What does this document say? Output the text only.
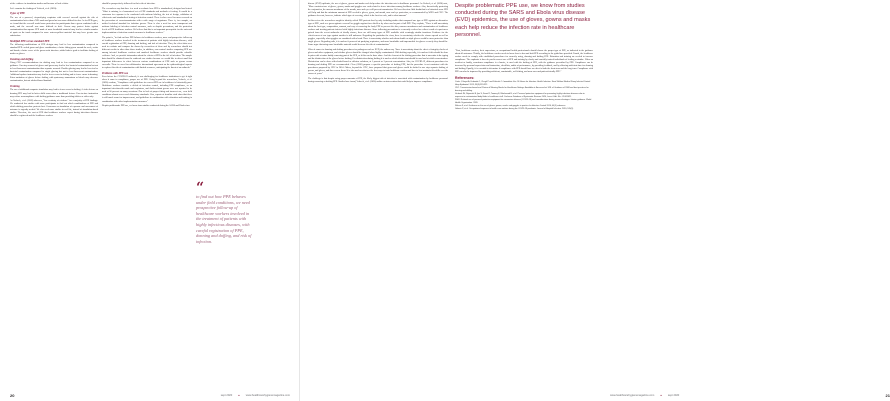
of the evidence in simulation studies and because of lack of data.

Let's examine the findings of Verbeek, et al. (2020):

Types of PPE

The use of a powered, air-purifying respirator with covered coverall against the risk of contamination better than a N95 mask and gown but was more difficult to don. As for PPE types, we found that the coverall would more protection for participants than a gown combined with a mask, and the coverall was more difficult to doff. Gowns may protect better against contamination than aprons. PPE made of more breathable material may lead to a similar number of spots on the trunk compared to more water-repellent material but may have greater user satisfaction.

Modified PPE versus standard PPE

The following modifications of PPE designs may lead to less contamination compared to standard PPE: sealed gown and glove combination; a better fitting gown around the neck, wrists and hands; a better cover of the gown-wrist interface; added tabs to grab to facilitate doffing of masks or gloves.

Donning and doffing

Using CDC recommendations for doffing may lead to less contamination compared to no guidance. One-step removal of gloves and gown may lead to less bacterial contamination but not to less fluorescent contamination than separate removal. Double-gloving may lead to less viral or bacterial contamination compared to single gloving but not to less fluorescent contamination. Additional spoken instruction may lead to fewer errors in doffing and to fewer errors in donning. Extra sanitation of gloves before doffing with quaternary ammonium or bleach may decrease contamination, but not alcohol-based handrub.

Training

The use of additional computer simulation may lead to fewer errors in doffing. A video lecture on donning PPE may lead to better skills scores than a traditional lecture. Face-to-face instruction may reduce noncompliance with doffing guidance more than providing folders or video only.

As Verbeek, et al. (2020) observes, "low certainty of evidence" for a majority of PPE findings. We conducted low studies with more participants to find out which combinations of PPE and which doffing procedure protects best. Consensus on simulation of exposure and assessment of outcome is urgently needed. We also need more studies in real life, instead of simulation-based studies. Therefore, the cost of PPE that healthcare workers expect during infectious diseases should be registered and the healthcare workers

should be prospectively followed for their risk of infection.

The researchers say that there is a need re-evaluate how PPE is standardized, designed and tested: "What is missing is a harmonized set of PPE standards and methods of testing. It would be a consensus for exposure to be conducted with uniform labeling, the test of design, validation of efficiencies and standardized testing of infection control. There is also a need for more research on the prevention of cross-transmission with a wide range of organisms. There is, for example, no unified technical standard for isolation gowns. There is also a need for more transparent and uniform labeling of infection control measures, such as droplet precautions, and the protection levels of PPE healthcare workers. We believe that this is an important prerequisite for the universal implementation of infection control measures in healthcare workers."

The point is, "to find out how PPE behaves in healthcare workers, more and prospective follow-up of healthcare workers involved in the treatment of patients with highly infectious diseases, with careful registration of PPE, donning and doffing, and risk of infection. Then, the effect data were used to evaluate and compare the shown by researchers of these and by researchers should test different results in other than those studies, in addition, case-control studies comparing PPE use among infected healthcare workers and matched healthcare workers should provide valuable evidence. And, we provide information about the effects of PPE in the fiel of infection. The sample data should be obtained from the outbreak care studies because we would like to detect small but important differences in effect between various combinations of PPE such as gowns versus coveralls. There is a need for collaborative international agreement on the epidemiological aspects to explore this risk of contamination with limited resources, anticipating the threat of an outbreak."

Problems with PPE use

Even before the COVID-19 outbreak, it was challenging for healthcare institutions to get it right when it came to compliance, proper use of PPE. Going beyond the researchers, Verbeek, et al. (2020) confirm, "Compliance with guidelines for correct PPE use in healthcare is historically poor. Healthcare workers consider a deficit of infection control, including PPE compliance, as an important infection-risk mask and respirators, and fluid-resistant gowns were not reported to be used at 50 percent on many occasions. Due to lack of proper fitting and incorrect use, even field conditions almost never reach laboratory standards. Also, reports of frontline staff show that there is still much room for improvement, and guidelines in combination with education and training in combination with other implementation measures."

Despite problematic PPE use, we know from studies conducted during the SARS and Ebola virus

“
to find out how PPE behaves under field conditions, we need prospective follow-up of healthcare workers involved in the treatment of patients with highly infectious diseases, with careful registration of PPE, donning and doffing, and risk of infection.
20	sept 2020 ● www.healthcarehygienemagazine.com

disease (EVD) epidemic, the use of gloves, gowns and masks each help reduce the infection rate in healthcare personnel. As Verbeek, et al. (2020) note, "More consistent use of gloves, gowns, masks and goggles was each related to fewer infections among healthcare workers. Also, theoretically protecting the conjunctiva, the mucous membrane of the mouth, nose and eyes will prevent transmission. We have therefore little doubt that in a historical sense PPE will help and that the minimum amount of PPE needed is gloves, gown, and mouth, nose and eye protection, as recommended by WHO and CDC. The guidance does not, however, indicate which type of covering, which is the best for each, and in what amount."

In this review the researchers sought to identify which PPE protects best by only including studies that compared one type of PPE against an alternative type of PPE, such as a gown against a coverall or goggles against face shield or by when used as part of full PPE. They explain, "There is still uncertainty about the best type, composition, amount, and way of removing the body PPE to prevent the skin, mucous membranes and contamination of healthcare workers and treating patients infected with highly infectious diseases. Since following precautions is a currently evolved as a direct result of experiences gained from the recent outbreaks of deadly viruses, there are still many types of PPE available with seemingly similar functions. Evidence for the effectiveness of one type against another is still unknown. Regarding the particular the virus, there is uncertainty whether the viruses spread as well as goggles, especially when goggles are combined with a hood. There is uncertainty whether and whom double or triple gloves would be more protective than single gloves. Regarding rails, it is unclear if powered air purifying respirators, and more breathable and impermeable for gloves or rarely they should be. Some argue that using more breathable material would decrease the risk of contamination."

When it comes to donning and doffing procedures for pathogens such as EVD, the authors say "there is uncertainty about the effect of integrity checks of gloves and other equipment, and whether gloves should be changed when highly contaminated. With doffing especially, it is unclear if this should be done in pairs with a trainer buddy removing part of the PPE, or if this can be done alone. And the element of the doffing procedure that is uncertain is the typing and the disinfection of the gloves before doffing. For disinfection during doffing it is unclear which disinfectant should be used and at which concentration. Disinfection can be done with alcohol-based or chlorine solutions, at 1 percent or 3 percent concentration. Also, for COVID-19, different procedures for donning and doffing PPE are recommended. Clear (2020) propose a specific procedure of doffing PPE, but the procedure is not consistent with the procedures proposed by CDC in 2014. Others, beyond the CDC, have proposed that gown and gloves could be doffed in one step separate doffing of gowns, and gloves, and then rewear them. It is also unclear what are the best ways to train healthcare workers and how to best maintain this skills over the course of years."

The challenge is that despite using proper amounts of PPE, the likely biggest risk of infection is associated with contamination by healthcare personnel during removing or doffing PPE. Studies have found, Verbeek, et al. (2020) outline an intervention that could help to improve compliance.

Despite problematic PPE use, we know from studies conducted during the SARS and Ebola virus disease (EVD) epidemics, the use of gloves, gowns and masks each help reduce the infection rate in healthcare personnel.

"First, healthcare workers, their supervisors, or occupational health professionals should choose the proper type of PPE, as indicated in the guidance about all outcomes. Thirdly, the healthcare worker needs to know how to don and doff PPE according to the guidelines provided. Fourth, the healthcare worker needs to comply with established procedures for correctly using, donning and doffing PPE. Education and training are needed to increase compliance. The emphasis is how do you/its correct use of PPE and training by slowly and carefully trained individuals of healing a mistake. When an accident or buddy, sometimes compliance is a barrier, is used with the doffing of PPE, with the guidance prescribed by PPE. Compliance can be increased by personal supervision and instruction, checklists, audits of performance, by providing feedback, and by allowing sufficient time for donning and doffing. Equally, it is essential to determine if compliance with PPE should have an effect in both the short term and the long term. Compliance with PPE can also be improved by providing sufficient, comfortable, well-fitting, and more user-and patient-friendly PPE."

References:
Curtis J, Hayat A, Kubenda C, Chugh P and Zakinski O. Immediate Use Of Gloves for Infection. Health Infection. Sinai Welfare Medical Stony Infected Control Hosp Epidemiol. 2015; 36(3):319-322.
CDC. Transmission-based and Choice of Wearing Masks for Healthcare Settings. Available at: Accessed at: URL of Guidance of 2008 and best practices for donning and doffing.
Verbeek JH, Rajamaki B, Ijaz S, Sauni R, Toomey E, Blackwood B, et al. Personal protective equipment for preventing highly infectious diseases due to exposure to contaminated body fluids in healthcare staff. Cochrane Database of Systematic Reviews 2020, Issue 4. Art. No.: CD011621.
WHO. Rational use of personal protective equipment for coronavirus disease (COVID-19) and considerations during severe shortages. Interim guidance. World Health Organization. 2020.
Nilsson F, et al. Guidance on the use of gloves, gowns, masks and goggles in practice for Infection Control 2016; 44(5) reference.
Galanis P, et al. Occupational exposure to health care workers during the COVID-19 pandemic. Journal of Hospital Infection. 2020; 105(3).
www.healthcarehygienemagazine.com ● sept 2020	21
